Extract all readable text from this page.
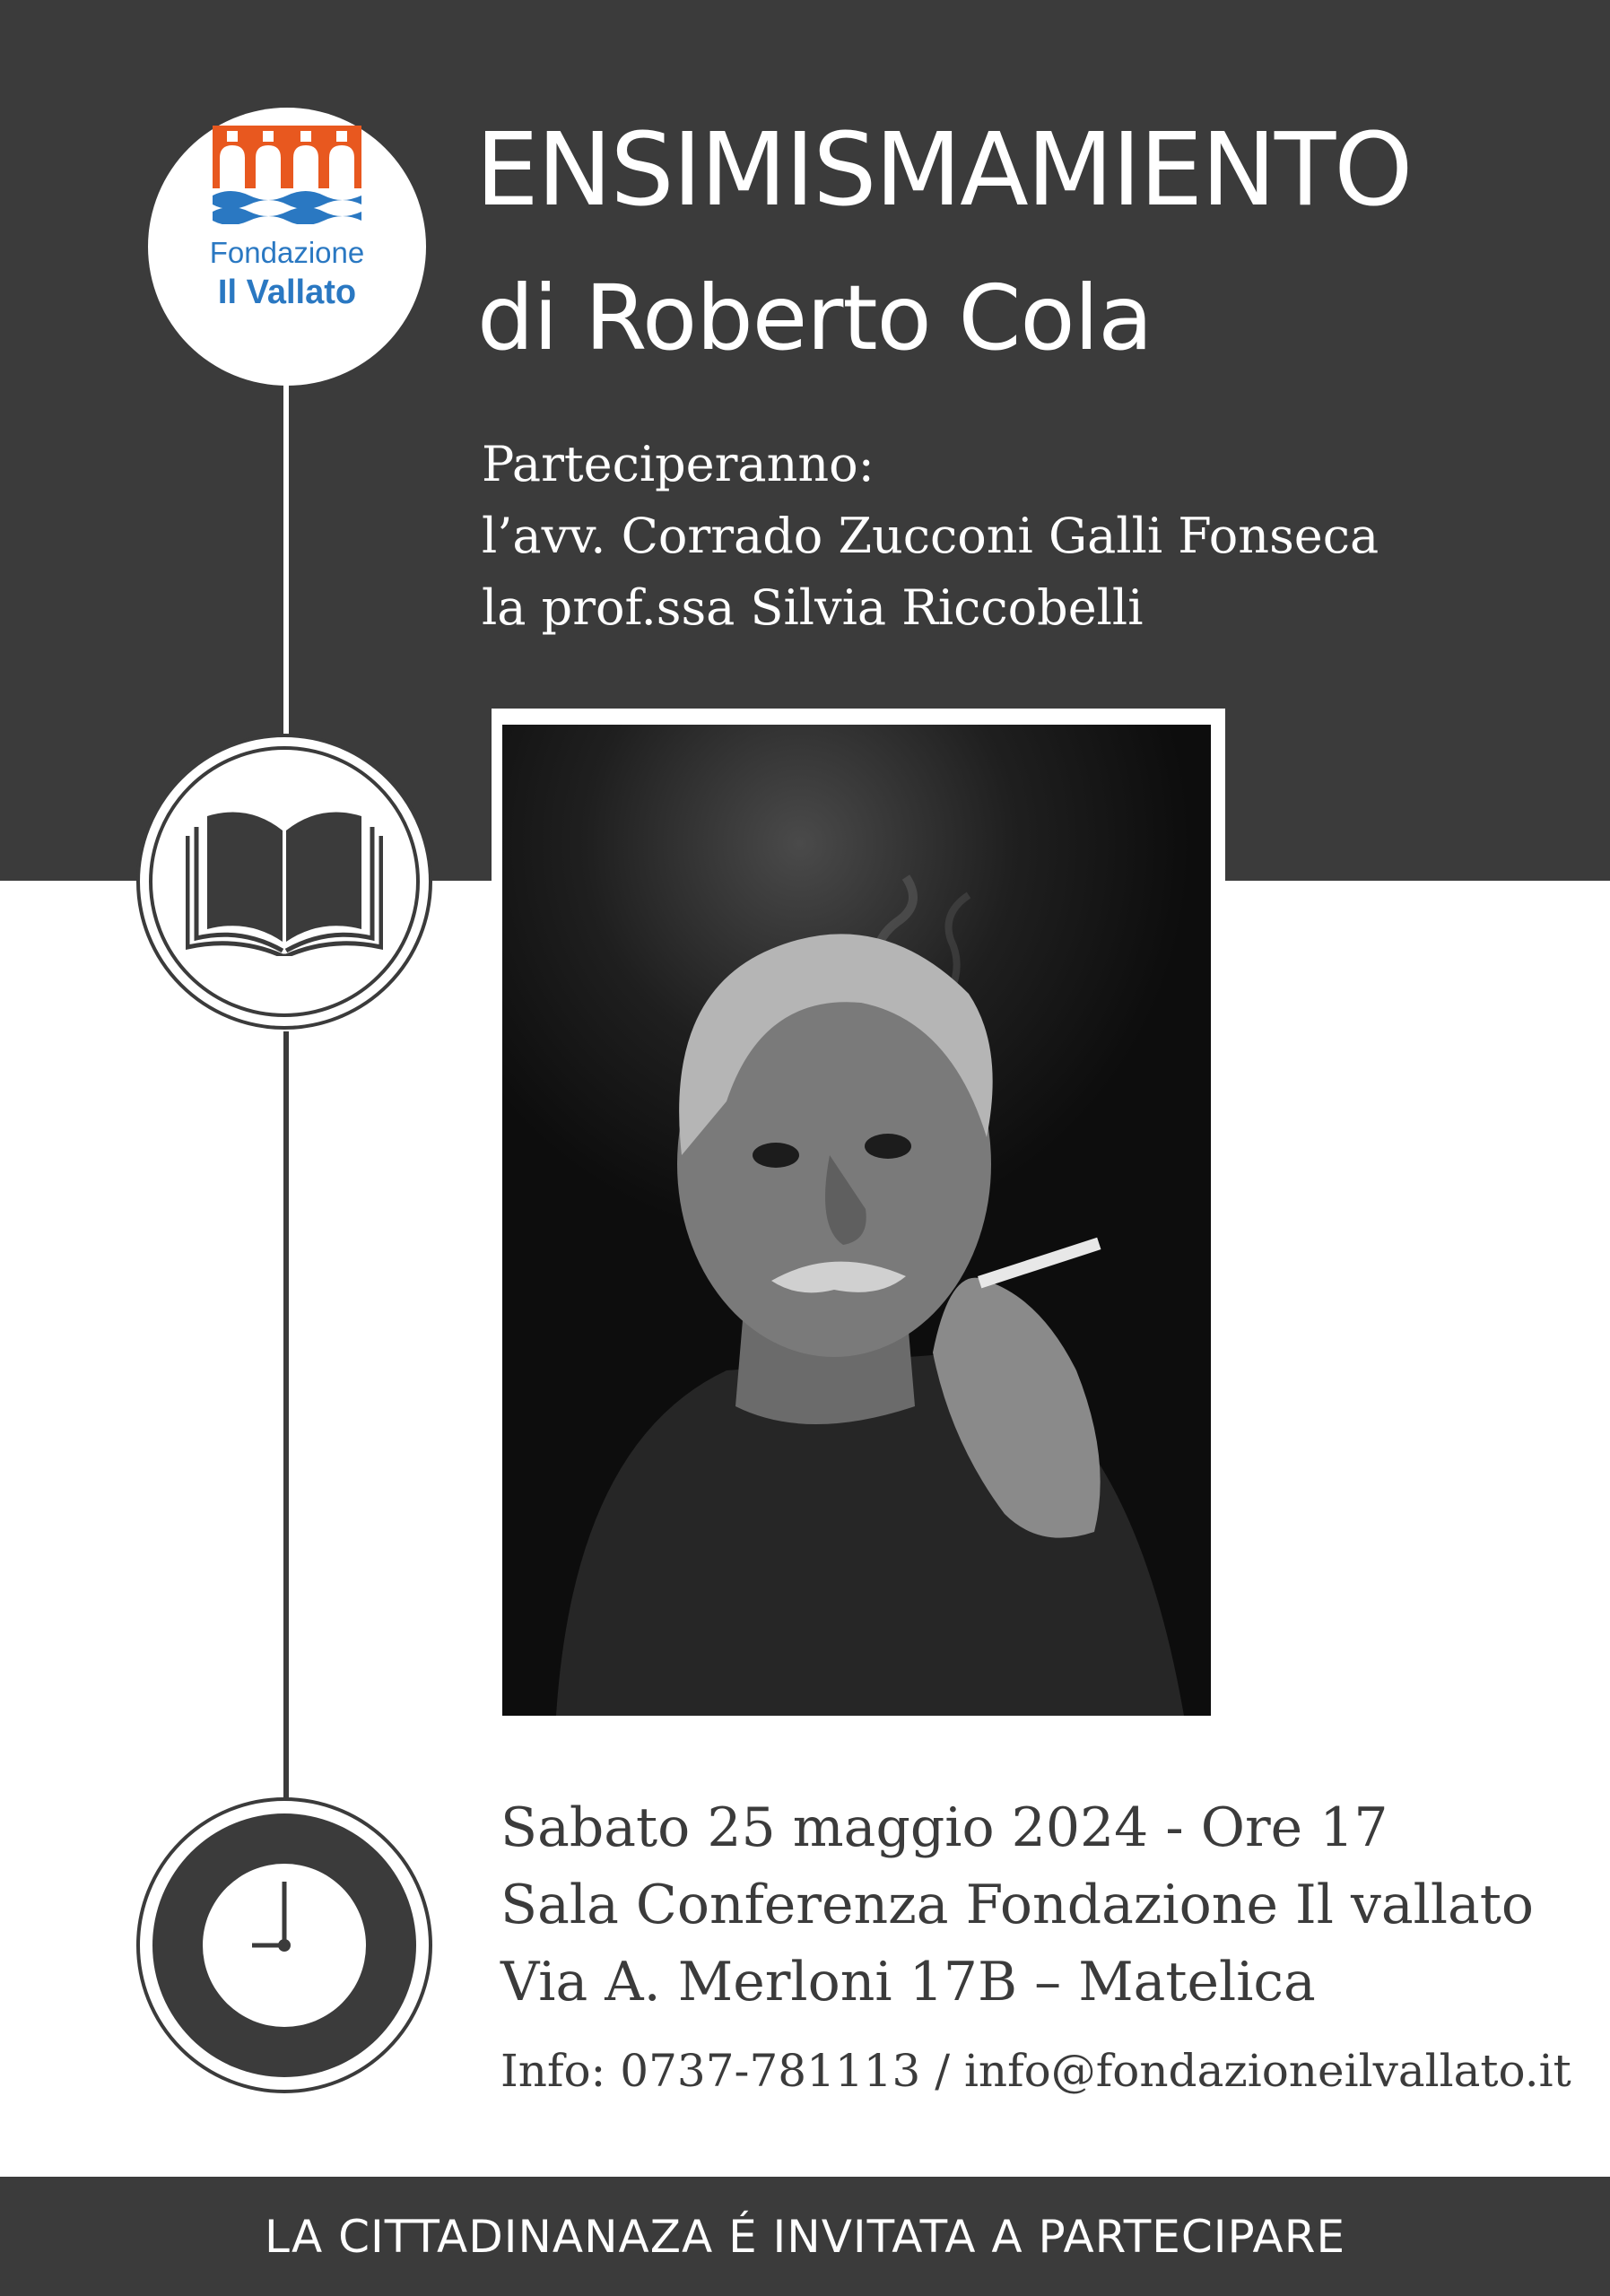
Fondazione
Il Vallato
ENSIMISMAMIENTO
di Roberto Cola
Parteciperanno:
l’avv. Corrado Zucconi Galli Fonseca
la prof.ssa Silvia Riccobelli
Sabato 25 maggio 2024 - Ore 17
Sala Conferenza Fondazione Il vallato
Via A. Merloni 17B – Matelica
Info: 0737-781113 / info@fondazioneilvallato.it
LA CITTADINANAZA É INVITATA A PARTECIPARE
